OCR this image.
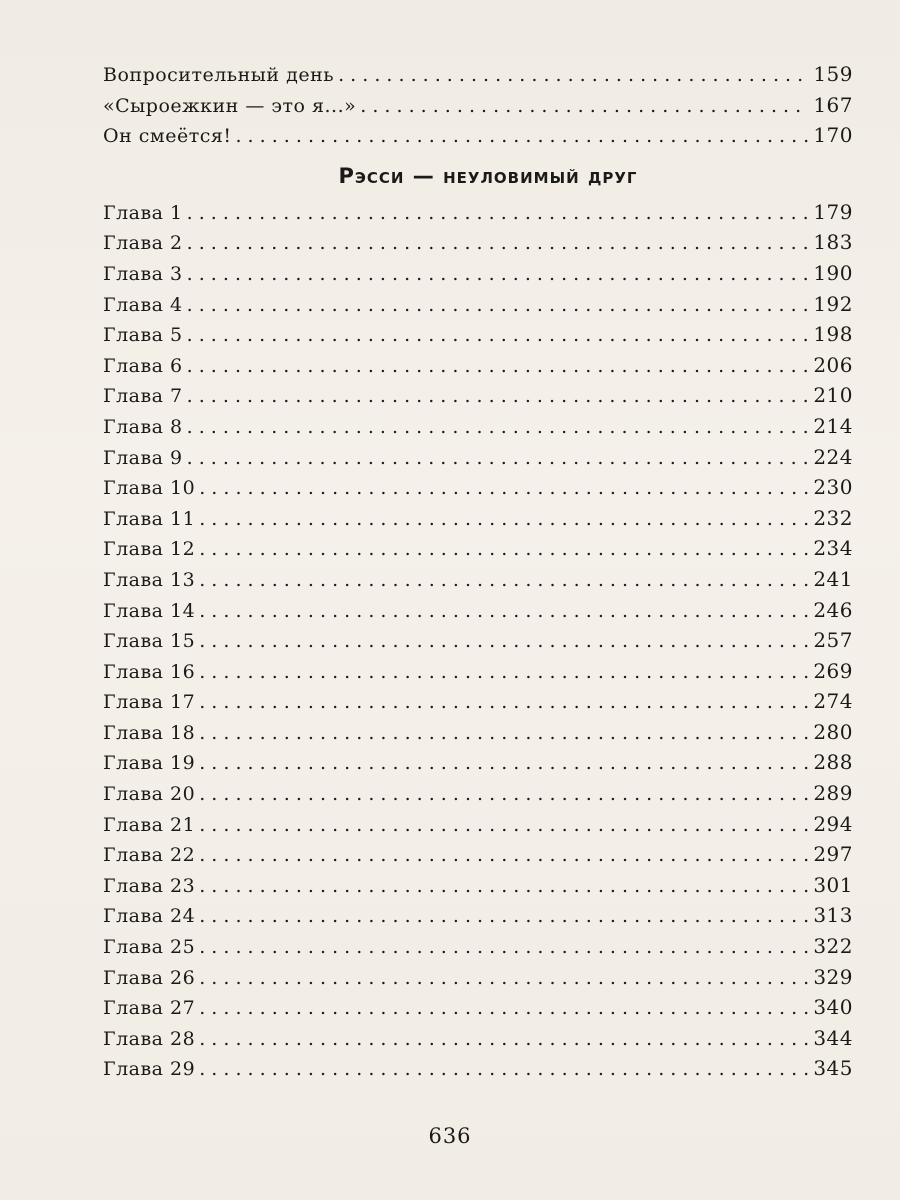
Вопросительный день . . .	159
«Сыроежкин — это я...» . . .	167
Он смеётся! . . .	170
Рэсси — неуловимый друг
Глава 1 . . .	179
Глава 2 . . .	183
Глава 3 . . .	190
Глава 4 . . .	192
Глава 5 . . .	198
Глава 6 . . .	206
Глава 7 . . .	210
Глава 8 . . .	214
Глава 9 . . .	224
Глава 10 . . .	230
Глава 11 . . .	232
Глава 12 . . .	234
Глава 13 . . .	241
Глава 14 . . .	246
Глава 15 . . .	257
Глава 16 . . .	269
Глава 17 . . .	274
Глава 18 . . .	280
Глава 19 . . .	288
Глава 20 . . .	289
Глава 21 . . .	294
Глава 22 . . .	297
Глава 23 . . .	301
Глава 24 . . .	313
Глава 25 . . .	322
Глава 26 . . .	329
Глава 27 . . .	340
Глава 28 . . .	344
Глава 29 . . .	345
636
